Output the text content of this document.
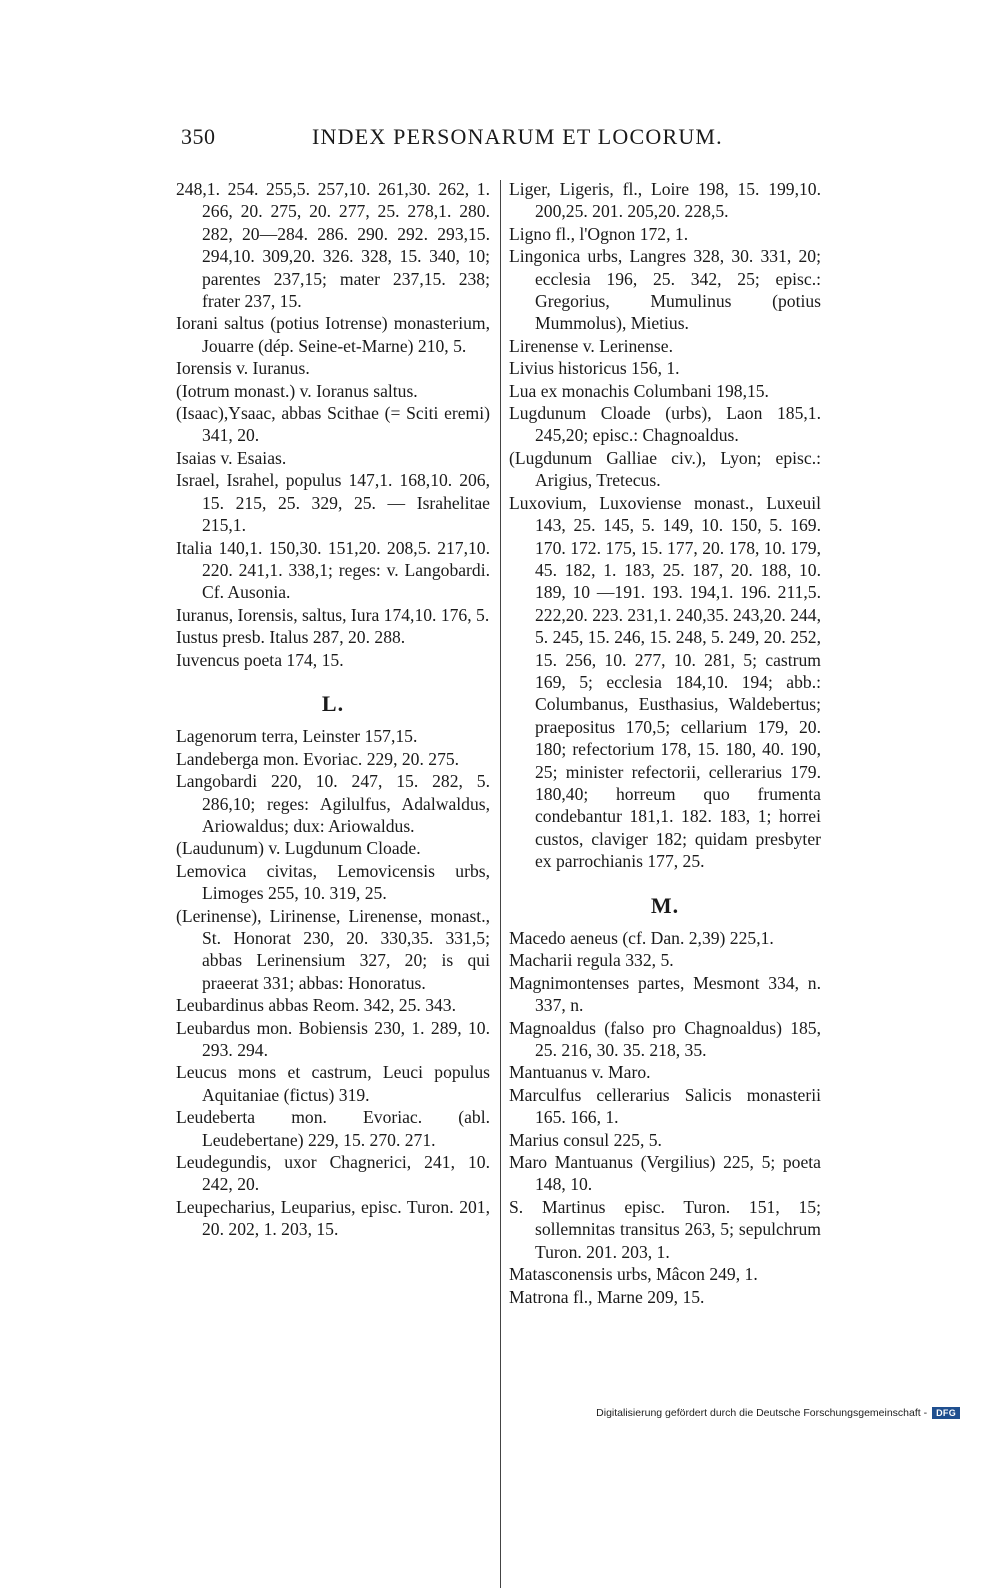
350	INDEX PERSONARUM ET LOCORUM.

248,1. 254. 255,5. 257,10. 261,30. 262, 1. 266, 20. 275, 20. 277, 25. 278,1. 280. 282, 20—284. 286. 290. 292. 293,15. 294,10. 309,20. 326. 328, 15. 340, 10; parentes 237,15; mater 237,15. 238; frater 237, 15.

Iorani saltus (potius Iotrense) monasterium, Jouarre (dép. Seine-et-Marne) 210, 5.

Iorensis v. Iuranus.

(Iotrum monast.) v. Ioranus saltus.

(Isaac),Ysaac, abbas Scithae (= Sciti eremi) 341, 20.

Isaias v. Esaias.

Israel, Israhel, populus 147,1. 168,10. 206, 15. 215, 25. 329, 25. — Israhelitae 215,1.

Italia 140,1. 150,30. 151,20. 208,5. 217,10. 220. 241,1. 338,1; reges: v. Langobardi. Cf. Ausonia.

Iuranus, Iorensis, saltus, Iura 174,10. 176, 5.

Iustus presb. Italus 287, 20. 288.

Iuvencus poeta 174, 15.

L.

Lagenorum terra, Leinster 157,15.

Landeberga mon. Evoriac. 229, 20. 275.

Langobardi 220, 10. 247, 15. 282, 5. 286,10; reges: Agilulfus, Adalwaldus, Ariowaldus; dux: Ariowaldus.

(Laudunum) v. Lugdunum Cloade.

Lemovica civitas, Lemovicensis urbs, Limoges 255, 10. 319, 25.

(Lerinense), Lirinense, Lirenense, monast., St. Honorat 230, 20. 330,35. 331,5; abbas Lerinensium 327, 20; is qui praeerat 331; abbas: Honoratus.

Leubardinus abbas Reom. 342, 25. 343.

Leubardus mon. Bobiensis 230, 1. 289, 10. 293. 294.

Leucus mons et castrum, Leuci populus Aquitaniae (fictus) 319.

Leudeberta mon. Evoriac. (abl. Leudebertane) 229, 15. 270. 271.

Leudegundis, uxor Chagnerici, 241, 10. 242, 20.

Leupecharius, Leuparius, episc. Turon. 201, 20. 202, 1. 203, 15.

Liger, Ligeris, fl., Loire 198, 15. 199,10. 200,25. 201. 205,20. 228,5.

Ligno fl., l'Ognon 172, 1.

Lingonica urbs, Langres 328, 30. 331, 20; ecclesia 196, 25. 342, 25; episc.: Gregorius, Mumulinus (potius Mummolus), Mietius.

Lirenense v. Lerinense.

Livius historicus 156, 1.

Lua ex monachis Columbani 198,15.

Lugdunum Cloade (urbs), Laon 185,1. 245,20; episc.: Chagnoaldus.

(Lugdunum Galliae civ.), Lyon; episc.: Arigius, Tretecus.

Luxovium, Luxoviense monast., Luxeuil 143, 25. 145, 5. 149, 10. 150, 5. 169. 170. 172. 175, 15. 177, 20. 178, 10. 179, 45. 182, 1. 183, 25. 187, 20. 188, 10. 189, 10 —191. 193. 194,1. 196. 211,5. 222,20. 223. 231,1. 240,35. 243,20. 244, 5. 245, 15. 246, 15. 248, 5. 249, 20. 252, 15. 256, 10. 277, 10. 281, 5; castrum 169, 5; ecclesia 184,10. 194; abb.: Columbanus, Eusthasius, Waldebertus; praepositus 170,5; cellarium 179, 20. 180; refectorium 178, 15. 180, 40. 190, 25; minister refectorii, cellerarius 179. 180,40; horreum quo frumenta condebantur 181,1. 182. 183, 1; horrei custos, claviger 182; quidam presbyter ex parrochianis 177, 25.

M.

Macedo aeneus (cf. Dan. 2,39) 225,1.

Macharii regula 332, 5.

Magnimontenses partes, Mesmont 334, n. 337, n.

Magnoaldus (falso pro Chagnoaldus) 185, 25. 216, 30. 35. 218, 35.

Mantuanus v. Maro.

Marculfus cellerarius Salicis monasterii 165. 166, 1.

Marius consul 225, 5.

Maro Mantuanus (Vergilius) 225, 5; poeta 148, 10.

S. Martinus episc. Turon. 151, 15; sollemnitas transitus 263, 5; sepulchrum Turon. 201. 203, 1.

Matasconensis urbs, Mâcon 249, 1.

Matrona fl., Marne 209, 15.

Digitalisierung gefördert durch die Deutsche Forschungsgemeinschaft -	DFG
